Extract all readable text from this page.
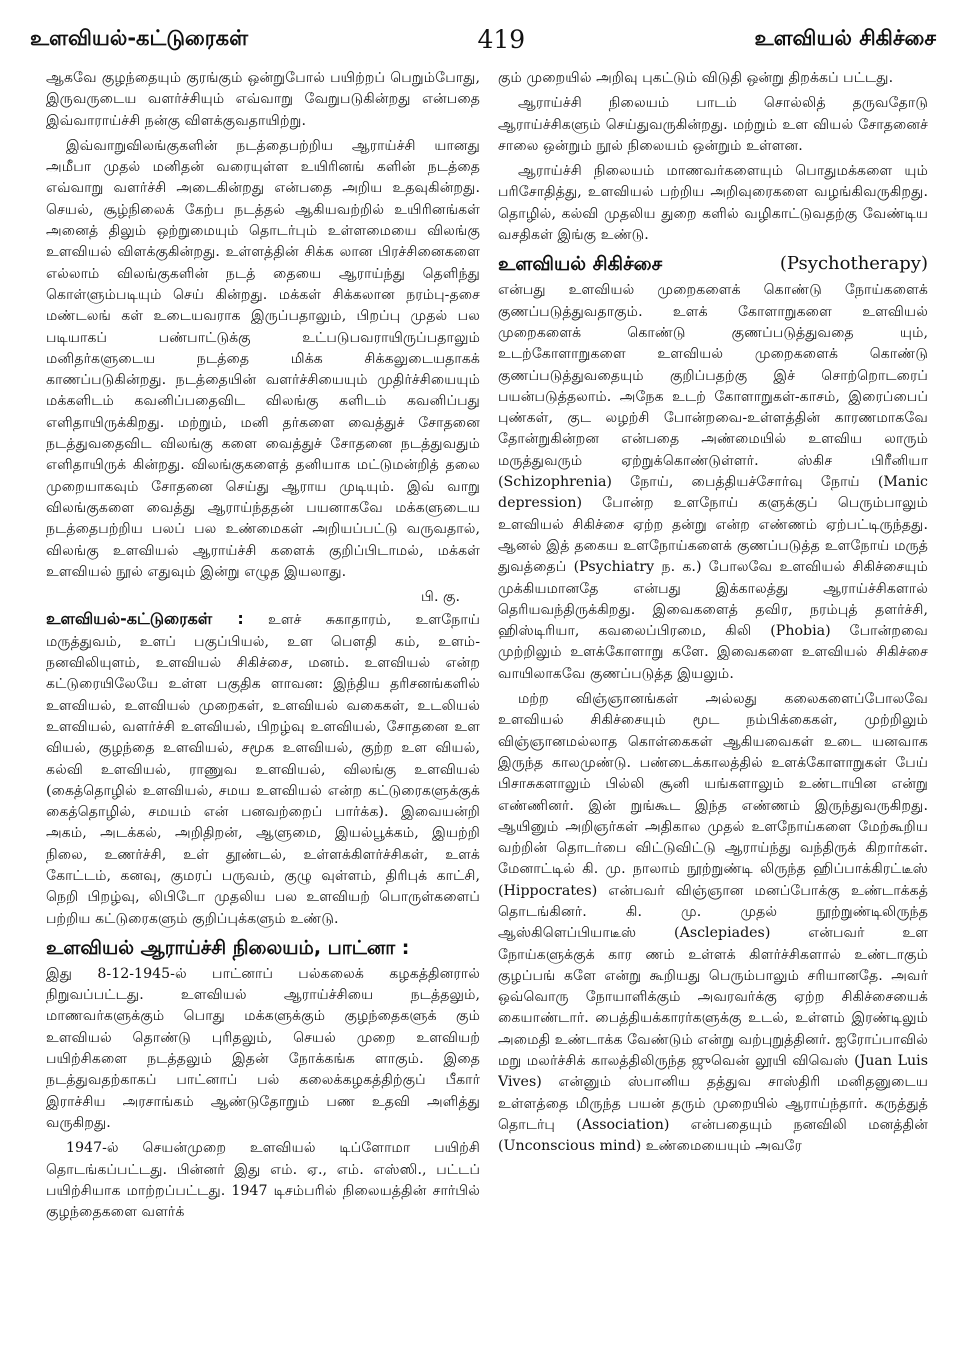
உளவியல்-கட்டுரைகள்	419	உளவியல் சிகிச்சை

ஆகவே குழந்தையும் குரங்கும் ஒன்றுபோல் பயிற்றப் பெறும்போது, இருவருடைய வளர்ச்சியும் எவ்வாறு வேறுபடுகின்றது என்பதை இவ்வாராய்ச்சி நன்கு விளக்குவதாயிற்று.

இவ்வாறுவிலங்குகளின் நடத்தைபற்றிய ஆராய்ச்சி யானது அமீபா முதல் மனிதன் வரையுள்ள உயிரினங் களின் நடத்தை எவ்வாறு வளர்ச்சி அடைகின்றது என்பதை அறிய உதவுகின்றது. செயல், சூழ்நிலைக் கேற்ப நடத்தல் ஆகியவற்றில் உயிரினங்கள் அனைத் திலும் ஒற்றுமையும் தொடர்பும் உள்ளமையை விலங்கு உளவியல் விளக்குகின்றது. உள்ளத்தின் சிக்க லான பிரச்சினைகளை எல்லாம் விலங்குகளின் நடத் தையை ஆராய்ந்து தெளிந்து கொள்ளும்படியும் செய் கின்றது. மக்கள் சிக்கலான நரம்பு-தசை மண்டலங் கள் உடையவராக இருப்பதாலும், பிறப்பு முதல் பல படியாகப் பண்பாட்டுக்கு உட்படுபவராயிருப்பதாலும் மனிதர்களுடைய நடத்தை மிக்க சிக்கலுடையதாகக் காணப்படுகின்றது. நடத்தையின் வளர்ச்சியையும் முதிர்ச்சியையும் மக்களிடம் கவனிப்பதைவிட விலங்கு களிடம் கவனிப்பது எளிதாயிருக்கிறது. மற்றும், மனி தர்களை வைத்துச் சோதனை நடத்துவதைவிட விலங்கு களை வைத்துச் சோதனை நடத்துவதும் எளிதாயிருக் கின்றது. விலங்குகளைத் தனியாக மட்டுமன்றித் தலை முறையாகவும் சோதனை செய்து ஆராய முடியும். இவ் வாறு விலங்குகளை வைத்து ஆராய்ந்ததன் பயனாகவே மக்களுடைய நடத்தைபற்றிய பலப் பல உண்மைகள் அறியப்பட்டு வருவதால், விலங்கு உளவியல் ஆராய்ச்சி களைக் குறிப்பிடாமல், மக்கள் உளவியல் நூல் எதுவும் இன்று எழுத இயலாது.

பி. கு.

உளவியல்-கட்டுரைகள் : உளச் சுகாதாரம், உளநோய் மருத்துவம், உளப் பகுப்பியல், உள பௌதி கம், உளம்-நனவிலியுளம், உளவியல் சிகிச்சை, மனம். உளவியல் என்ற கட்டுரையிலேயே உள்ள பகுதிக ளாவன: இந்திய தரிசனங்களில் உளவியல், உளவியல் முறைகள், உளவியல் வகைகள், உடலியல் உளவியல், வளர்ச்சி உளவியல், பிறழ்வு உளவியல், சோதனை உள வியல், குழந்தை உளவியல், சமூக உளவியல், குற்ற உள வியல், கல்வி உளவியல், ராணுவ உளவியல், விலங்கு உளவியல் (கைத்தொழில் உளவியல், சமய உளவியல் என்ற கட்டுரைகளுக்குக் கைத்தொழில், சமயம் என் பனவற்றைப் பார்க்க). இவையன்றி அகம், அடக்கல், அறிதிறன், ஆளுமை, இயல்பூக்கம், இயற்றி நிலை, உணர்ச்சி, உள் தூண்டல், உள்ளக்கிளர்ச்சிகள், உளக் கோட்டம், கனவு, குமரப் பருவம், குழு வுள்ளம், திரிபுக் காட்சி, நெறி பிறழ்வு, லிபிடோ முதலிய பல உளவியற் பொருள்களைப் பற்றிய கட்டுரைகளும் குறிப்புக்களும் உண்டு.

உளவியல் ஆராய்ச்சி நிலையம், பாட்னா :

இது 8-12-1945-ல் பாட்னாப் பல்கலைக் கழகத்தினரால் நிறுவப்பட்டது. உளவியல் ஆராய்ச்சியை நடத்தலும், மாணவர்களுக்கும் பொது மக்களுக்கும் குழந்தைகளுக் கும் உளவியல் தொண்டு புரிதலும், செயல் முறை உளவியற் பயிற்சிகளை நடத்தலும் இதன் நோக்கங்க ளாகும். இதை நடத்துவதற்காகப் பாட்னாப் பல் கலைக்கழகத்திற்குப் பீகார் இராச்சிய அரசாங்கம் ஆண்டுதோறும் பண உதவி அளித்து வருகிறது.

1947-ல் செயன்முறை உளவியல் டிப்ளோமா பயிற்சி தொடங்கப்பட்டது. பின்னர் இது எம். ஏ., எம். எஸ்ஸி., பட்டப் பயிற்சியாக மாற்றப்பட்டது. 1947 டிசம்பரில் நிலையத்தின் சார்பில் குழந்தைகளை வளர்க்

கும் முறையில் அறிவு புகட்டும் விடுதி ஒன்று திறக்கப் பட்டது.

ஆராய்ச்சி நிலையம் பாடம் சொல்லித் தருவதோடு ஆராய்ச்சிகளும் செய்துவருகின்றது. மற்றும் உள வியல் சோதனைச் சாலை ஒன்றும் நூல் நிலையம் ஒன்றும் உள்ளன.

ஆராய்ச்சி நிலையம் மாணவர்களையும் பொதுமக்களை யும் பரிசோதித்து, உளவியல் பற்றிய அறிவுரைகளை வழங்கிவருகிறது. தொழில், கல்வி முதலிய துறை களில் வழிகாட்டுவதற்கு வேண்டிய வசதிகள் இங்கு உண்டு.

உளவியல் சிகிச்சை	(Psychotherapy)

என்பது உளவியல் முறைகளைக் கொண்டு நோய்களைக் குணப்படுத்துவதாகும். உளக் கோளாறுகளை உளவியல் முறைகளைக் கொண்டு குணப்படுத்துவதை யும், உடற்கோளாறுகளை உளவியல் முறைகளைக் கொண்டு குணப்படுத்துவதையும் குறிப்பதற்கு இச் சொற்றொடரைப் பயன்படுத்தலாம். அநேக உடற் கோளாறுகள்-காசம், இரைப்பைப் புண்கள், குட லழற்சி போன்றவை-உள்ளத்தின் காரணமாகவே தோன்றுகின்றன என்பதை அண்மையில் உளவிய லாரும் மருத்துவரும் ஏற்றுக்கொண்டுள்ளர். ஸ்கிச பிரீனியா (Schizophrenia) நோய், பைத்தியச்சோர்வு நோய் (Manic depression) போன்ற உளநோய் களுக்குப் பெரும்பாலும் உளவியல் சிகிச்சை ஏற்ற தன்று என்ற எண்ணம் ஏற்பட்டிருந்தது. ஆனல் இத் தகைய உளநோய்களைக் குணப்படுத்த உளநோய் மருத் துவத்தைப் (Psychiatry ந. க.) போலவே உளவியல் சிகிச்சையும் முக்கியமானதே என்பது இக்காலத்து ஆராய்ச்சிகளால் தெரியவந்திருக்கிறது. இவைகளைத் தவிர, நரம்புத் தளர்ச்சி, ஹிஸ்டிரியா, கவலைப்பிரமை, கிலி (Phobia) போன்றவை முற்றிலும் உளக்கோளாறு களே. இவைகளை உளவியல் சிகிச்சை வாயிலாகவே குணப்படுத்த இயலும்.

மற்ற விஞ்ஞானங்கள் அல்லது கலைகளைப்போலவே உளவியல் சிகிச்சையும் மூட நம்பிக்கைகள், முற்றிலும் விஞ்ஞானமல்லாத கொள்கைகள் ஆகியவைகள் உடை யனவாக இருந்த காலமுண்டு. பண்டைக்காலத்தில் உளக்கோளாறுகள் பேய் பிசாசுகளாலும் பில்லி சூனி யங்களாலும் உண்டாயின என்று எண்ணினர். இன் றுங்கூட இந்த எண்ணம் இருந்துவருகிறது. ஆயினும் அறிஞர்கள் அதிகால முதல் உளநோய்களை மேற்கூறிய வற்றின் தொடர்பை விட்டுவிட்டு ஆராய்ந்து வந்திருக் கிறார்கள். மேனாட்டில் கி. மு. நாலாம் நூற்றுண்டி லிருந்த ஹிப்பாக்கிரட்டீஸ் (Hippocrates) என்பவர் விஞ்ஞான மனப்போக்கு உண்டாக்கத் தொடங்கினர். கி. மு. முதல் நூற்றுண்டிலிருந்த ஆஸ்கிளெப்பியாடீஸ் (Asclepiades) என்பவர் உள நோய்களுக்குக் கார ணம் உள்ளக் கிளர்ச்சிகளால் உண்டாகும் குழப்பங் களே என்று கூறியது பெரும்பாலும் சரியானதே. அவர் ஒவ்வொரு நோயாளிக்கும் அவரவர்க்கு ஏற்ற சிகிச்சையைக் கையாண்டார். பைத்தியக்காரர்களுக்கு உடல், உள்ளம் இரண்டிலும் அமைதி உண்டாக்க வேண்டும் என்று வற்புறுத்தினர். ஐரோப்பாவில் மறு மலர்ச்சிக் காலத்திலிருந்த ஜுவென் லூயி விவெஸ் (Juan Luis Vives) என்னும் ஸ்பானிய தத்துவ சாஸ்திரி மனிதனுடைய உள்ளத்தை மிருந்த பயன் தரும் முறையில் ஆராய்ந்தார். கருத்துத் தொடர்பு (Association) என்பதையும் நனவிலி மனத்தின் (Unconscious mind) உண்மையையும் அவரே
